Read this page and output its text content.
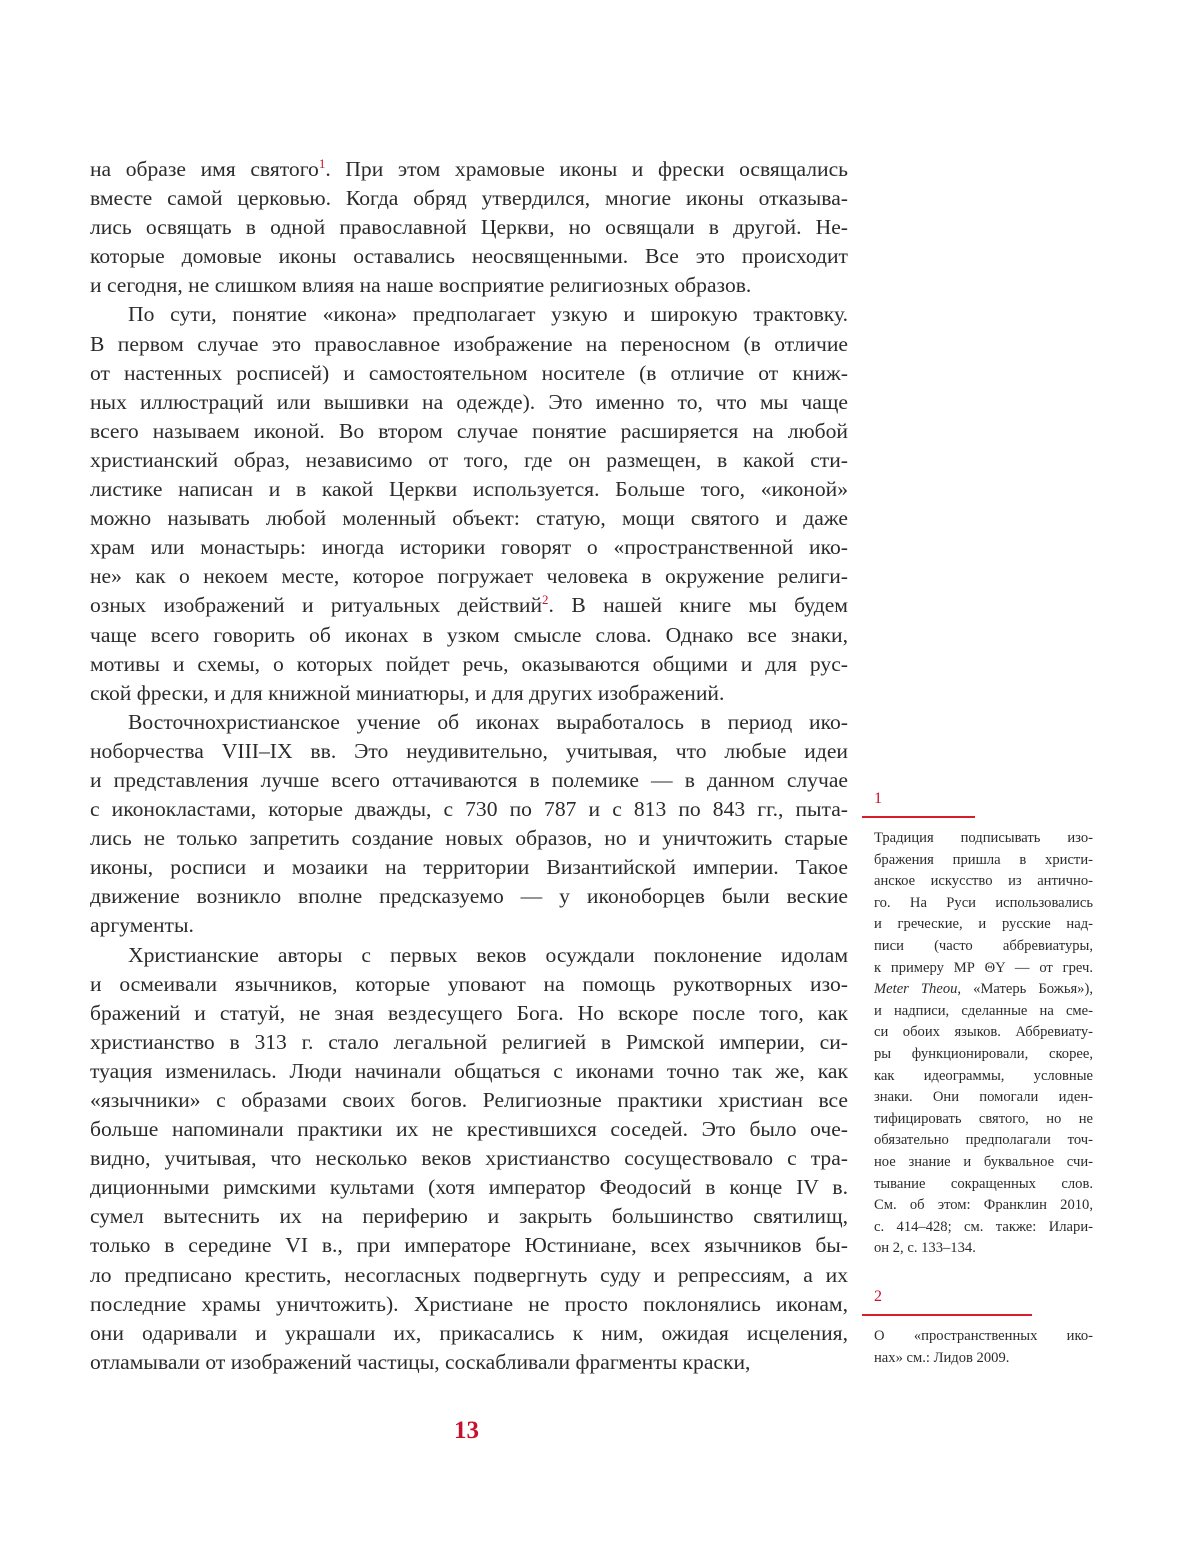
на образе имя святого$^1$. При этом храмовые иконы и фрески освящались
вместе самой церковью. Когда обряд утвердился, многие иконы отказыва-
лись освящать в одной православной Церкви, но освящали в другой. Не-
которые домовые иконы оставались неосвященными. Все это происходит
и сегодня, не слишком влияя на наше восприятие религиозных образов.

По сути, понятие «икона» предполагает узкую и широкую трактовку.
В первом случае это православное изображение на переносном (в отличие
от настенных росписей) и самостоятельном носителе (в отличие от книж-
ных иллюстраций или вышивки на одежде). Это именно то, что мы чаще
всего называем иконой. Во втором случае понятие расширяется на любой
христианский образ, независимо от того, где он размещен, в какой сти-
листике написан и в какой Церкви используется. Больше того, «иконой»
можно называть любой моленный объект: статую, мощи святого и даже
храм или монастырь: иногда историки говорят о «пространственной ико-
не» как о некоем месте, которое погружает человека в окружение религи-
озных изображений и ритуальных действий$^2$. В нашей книге мы будем
чаще всего говорить об иконах в узком смысле слова. Однако все знаки,
мотивы и схемы, о которых пойдет речь, оказываются общими и для рус-
ской фрески, и для книжной миниатюры, и для других изображений.

Восточнохристианское учение об иконах выработалось в период ико-
ноборчества VIII–IX вв. Это неудивительно, учитывая, что любые идеи
и представления лучше всего оттачиваются в полемике — в данном случае
с иконокластами, которые дважды, с 730 по 787 и с 813 по 843 гг., пыта-
лись не только запретить создание новых образов, но и уничтожить старые
иконы, росписи и мозаики на территории Византийской империи. Такое
движение возникло вполне предсказуемо — у иконоборцев были веские
аргументы.

Христианские авторы с первых веков осуждали поклонение идолам
и осмеивали язычников, которые уповают на помощь рукотворных изо-
бражений и статуй, не зная вездесущего Бога. Но вскоре после того, как
христианство в 313 г. стало легальной религией в Римской империи, си-
туация изменилась. Люди начинали общаться с иконами точно так же, как
«язычники» с образами своих богов. Религиозные практики христиан все
больше напоминали практики их не крестившихся соседей. Это было оче-
видно, учитывая, что несколько веков христианство сосуществовало с тра-
диционными римскими культами (хотя император Феодосий в конце IV в.
сумел вытеснить их на периферию и закрыть большинство святилищ,
только в середине VI в., при императоре Юстиниане, всех язычников бы-
ло предписано крестить, несогласных подвергнуть суду и репрессиям, а их
последние храмы уничтожить). Христиане не просто поклонялись иконам,
они одаривали и украшали их, прикасались к ним, ожидая исцеления,
отламывали от изображений частицы, соскабливали фрагменты краски,

1
Традиция подписывать изо-
бражения пришла в христи-
анское искусство из антично-
го. На Руси использовались
и греческие, и русские над-
писи (часто аббревиатуры,
к примеру МР ΘY — от греч.
Meter Theou, «Матерь Божья»),
и надписи, сделанные на сме-
си обоих языков. Аббревиату-
ры функционировали, скорее,
как идеограммы, условные
знаки. Они помогали иден-
тифицировать святого, но не
обязательно предполагали точ-
ное знание и буквальное счи-
тывание сокращенных слов.
См. об этом: Франклин 2010,
с. 414–428; см. также: Илари-
он 2, с. 133–134.
2
О «пространственных ико-
нах» см.: Лидов 2009.
13
